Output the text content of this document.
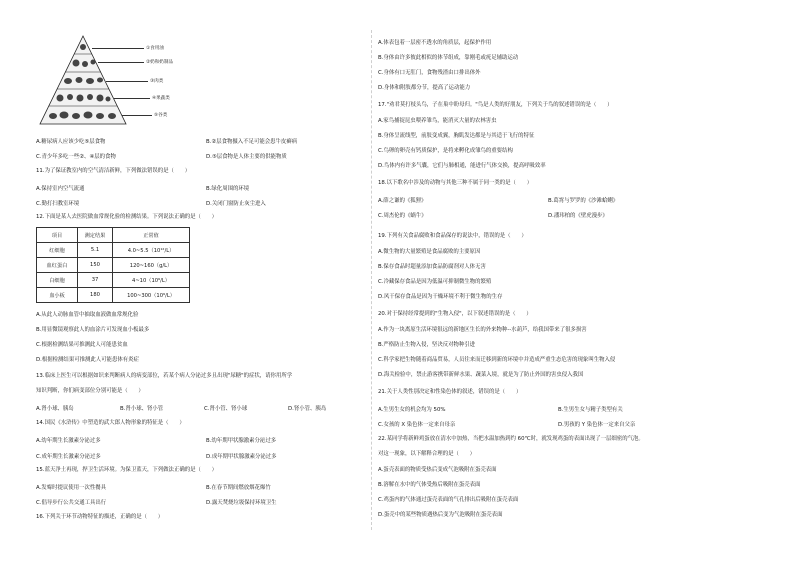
①食用油
②奶和奶制品
③肉类
④果蔬类
⑤谷类
A.糖尿病人应该少吃⑤层食物	B.②层食物摄入不足可能会患牛皮癣病
C.青少年多吃一些②、④层的食物	D.⑤层食物是人体主要的供能物质
11.为了保证教室内的空气清洁新鲜，下列做法错误的是（　　）
A.保持室内空气流通	B.绿化周围的环境
C.勤打扫教室环境	D.关闭门窗防止灰尘进入
12.下面是某人去医院做血常规化验的检测结果。下列说法正确的是（　　）
项目	测定结果	正常值
红细胞	5.1	4.0~5.5（10¹²/L）
血红蛋白	150	120~160（g/L）
白细胞	37	4~10（10⁹/L）
血小板	180	100~300（10⁹/L）
A.从此人动脉血管中抽取血液做血常规化验
B.用显微镜观察此人的血涂片可发现血小板最多
C.根据检测结果可推测此人可能患贫血
D.根据检测结果可推测此人可能患体有炎症
13.临床上医生可以根据如识来判断病人的病变部位，若某个病人分泌过多且出现"尿糖"的症状，请你用所学
知识判断，你们病变部位分别可能是（　　）
A.肾小球、胰岛	B.肾小球、肾小管	C.肾小管、肾小球	D.肾小管、胰岛
14.国民《水浒传》中塑造的武大郎人物形象的特征是（　　）
A.幼年期生长激素分泌过多	B.幼年期甲状腺激素分泌过多
C.成年期生长激素分泌过多	D.成年期甲状腺激素分泌过多
15.蓝天净土再现，捍卫生活环境。为保卫蓝天，下列做法正确的是（　　）
A.发霉时提议使用一次性餐具	B.在春节期间燃放烟花爆竹
C.倡导步行公共交通工具出行	D.露天焚烧垃圾保持环境卫生
16.下列关于环节动物特征的描述，正确的是（　　）
A.体表包着一层密不透水的角质层，起保护作用
B.身体由许多彼此相似的体节组成，靠刚毛或疣足辅助运动
C.身体有口无肛门，食物残渣由口排出体外
D.身体和附肢都分节，提高了运动能力
17."劝君莫打枝头鸟，子在巢中盼母归。"鸟是人类的好朋友，下列关于鸟的叙述错误的是（　　）
A.家鸟捕捉昆虫喂养雏鸟，能消灭大量的农林害虫
B.身体呈流线型，前肢变成翼，胸肌发达都是与其适于飞行的特征
C.鸟卵的卵壳有钙质保护，是将来孵化成雏鸟的重要结构
D.鸟体内有许多气囊，它们与肺相通，能进行气体交换，提高呼吸效率
18.以下歌名中涉及的动物与其他三种不属于同一类的是（　　）
A.薛之谦的《狐狸》	B.葛霄与罗罗的《沙滩蛤蜊》
C.周杰伦的《蜗牛》	D.潘玮柏的《壁虎漫步》
19.下列有关食品腐败和食品保存的说法中，错误的是（　　）
A.微生物的大量繁殖是食品腐败的主要原因
B.保存食品时超量添加食品防腐剂对人体无害
C.冷藏保存食品是因为低温可抑制微生物的繁殖
D.风干保存食品是因为干燥环境不利于微生物的生存
20.对于保持经常提到的"生物入侵"，以下叙述错误的是（　　）
A.作为一块离原生活环境很远的新地区生长的外来物种--水葫芦，给我国带来了很多损害
B.严格防止生物入侵，坚决反对物种引进
C.科学家把生物随着商品贸易，人员往来而迁移到新的环境中并造成严重生态危害的现象叫生物入侵
D.海关检验中，禁止游客携带新鲜水果、蔬菜入境，就是为了防止外国的害虫侵入我国
21.关于人类性别决定和性染色体的叙述，错误的是（　　）
A.生男生女的机会均为 50%	B.生男生女与精子类型有关
C.女孩的 X 染色体一定来自母亲	D.男孩的 Y 染色体一定来自父亲
22.某同学将新鲜鸡蛋放在清水中加热，当把水温加热到约 60℃时，就发现鸡蛋的表面出现了一层细密的气泡。
对这一现象，以下解释合理的是（　　）
A.蛋壳表面的物质受热后变成气泡吸附在蛋壳表面
B.溶解在水中的气体受热后吸附在蛋壳表面
C.鸡蛋内的气体通过蛋壳表面的气孔排出后吸附在蛋壳表面
D.蛋壳中的某些物质遇热后变为气泡吸附在蛋壳表面
